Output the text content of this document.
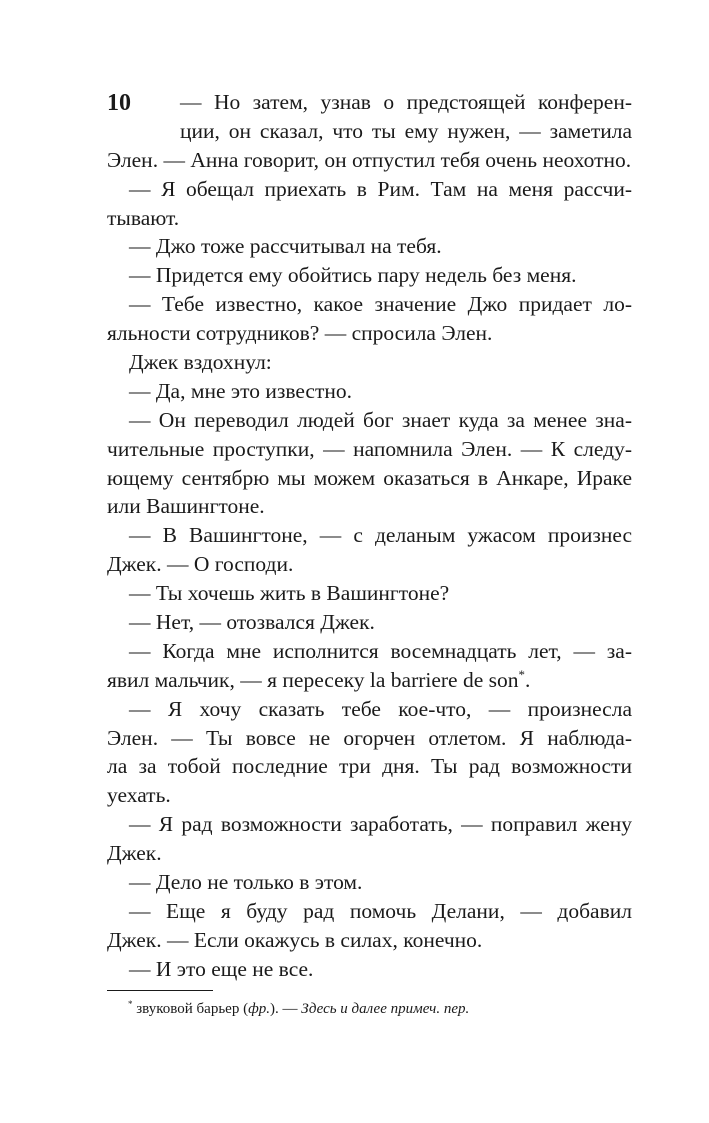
10	— Но затем, узнав о предстоящей конферен-
ции, он сказал, что ты ему нужен, — заметила
Элен. — Анна говорит, он отпустил тебя очень неохотно.
— Я обещал приехать в Рим. Там на меня рассчи-
тывают.
— Джо тоже рассчитывал на тебя.
— Придется ему обойтись пару недель без меня.
— Тебе известно, какое значение Джо придает ло-
яльности сотрудников? — спросила Элен.
Джек вздохнул:
— Да, мне это известно.
— Он переводил людей бог знает куда за менее зна-
чительные проступки, — напомнила Элен. — К следу-
ющему сентябрю мы можем оказаться в Анкаре, Ираке
или Вашингтоне.
— В Вашингтоне, — с деланым ужасом произнес
Джек. — О господи.
— Ты хочешь жить в Вашингтоне?
— Нет, — отозвался Джек.
— Когда мне исполнится восемнадцать лет, — за-
явил мальчик, — я пересеку la barriere de son*.
— Я хочу сказать тебе кое-что, — произнесла
Элен. — Ты вовсе не огорчен отлетом. Я наблюда-
ла за тобой последние три дня. Ты рад возможности
уехать.
— Я рад возможности заработать, — поправил жену
Джек.
— Дело не только в этом.
— Еще я буду рад помочь Делани, — добавил
Джек. — Если окажусь в силах, конечно.
— И это еще не все.
* звуковой барьер (фр.). — Здесь и далее примеч. пер.
